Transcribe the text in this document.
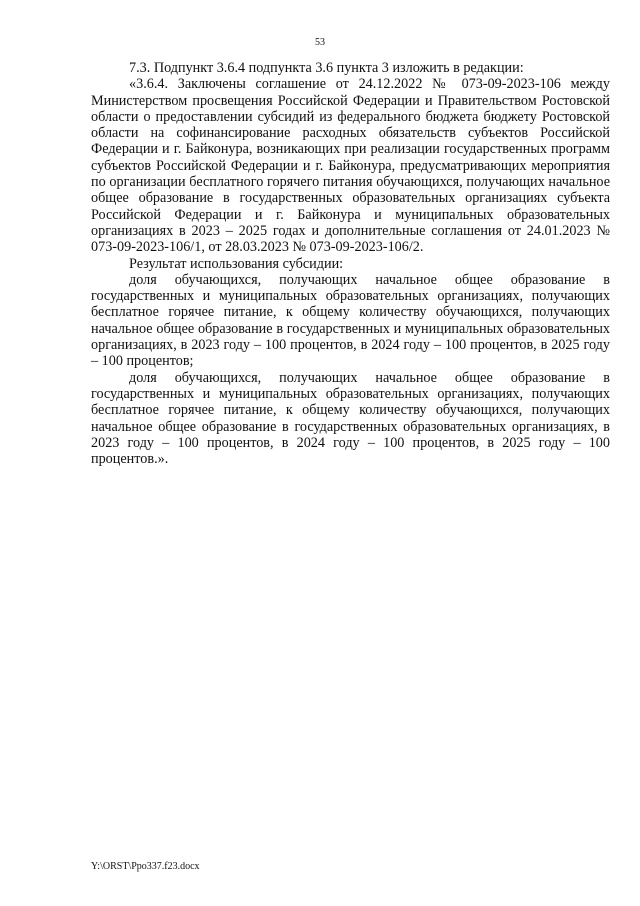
53

7.3. Подпункт 3.6.4 подпункта 3.6 пункта 3 изложить в редакции:

«3.6.4. Заключены соглашение от 24.12.2022 № 073-09-2023-106 между Министерством просвещения Российской Федерации и Правительством Ростовской области о предоставлении субсидий из федерального бюджета бюджету Ростовской области на софинансирование расходных обязательств субъектов Российской Федерации и г. Байконура, возникающих при реализации государственных программ субъектов Российской Федерации и г. Байконура, предусматривающих мероприятия по организации бесплатного горячего питания обучающихся, получающих начальное общее образование в государственных образовательных организациях субъекта Российской Федерации и г. Байконура и муниципальных образовательных организациях в 2023 – 2025 годах и дополнительные соглашения от 24.01.2023 № 073-09-2023-106/1, от 28.03.2023 № 073-09-2023-106/2.

Результат использования субсидии:

доля обучающихся, получающих начальное общее образование в государственных и муниципальных образовательных организациях, получающих бесплатное горячее питание, к общему количеству обучающихся, получающих начальное общее образование в государственных и муниципальных образовательных организациях, в 2023 году – 100 процентов, в 2024 году – 100 процентов, в 2025 году – 100 процентов;

доля обучающихся, получающих начальное общее образование в государственных и муниципальных образовательных организациях, получающих бесплатное горячее питание, к общему количеству обучающихся, получающих начальное общее образование в государственных образовательных организациях, в 2023 году – 100 процентов, в 2024 году – 100 процентов, в 2025 году – 100 процентов.».

Y:\ORST\Ppo337.f23.docx
